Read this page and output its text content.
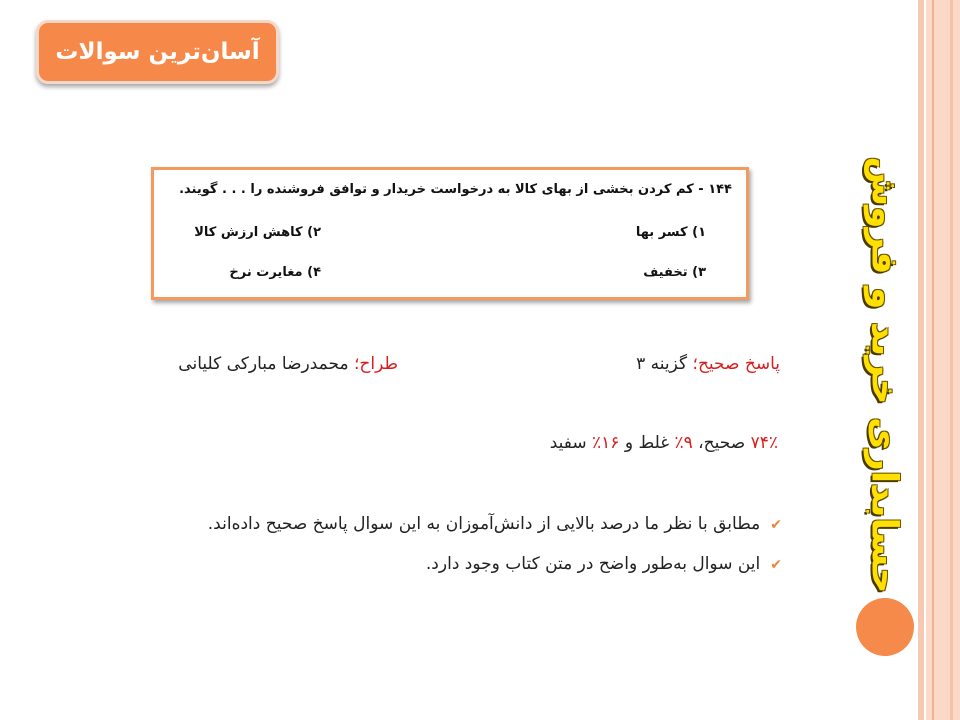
آسان‌ترین سوالات
حسابداری خرید و فروش
۱۴۴ - کم کردن بخشی از بهای کالا به درخواست خریدار و توافق فروشنده را . . . گویند.
۱) کسر بها
۲) کاهش ارزش کالا
۳) تخفیف
۴) مغایرت نرخ
پاسخ صحیح؛ گزینه ۳
طراح؛ محمدرضا مبارکی کلیانی
۷۴٪ صحیح، ۹٪ غلط و ۱۶٪ سفید
✔مطابق با نظر ما درصد بالایی از دانش‌آموزان به این سوال پاسخ صحیح داده‌اند.
✔این سوال به‌طور واضح در متن کتاب وجود دارد.
